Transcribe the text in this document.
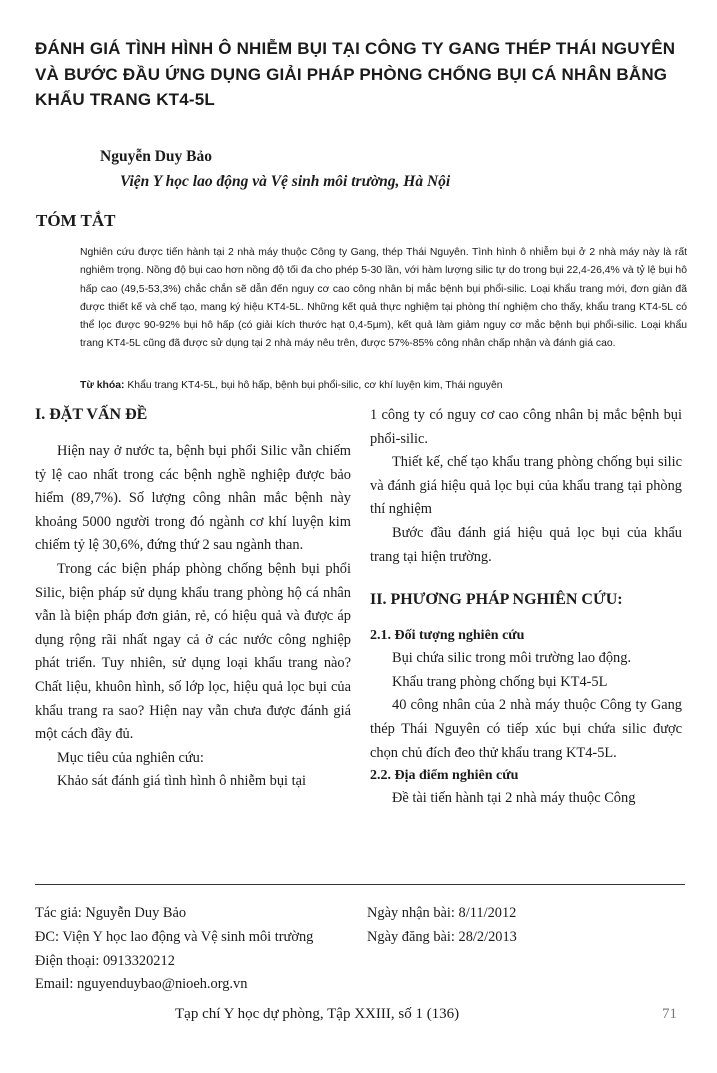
ĐÁNH GIÁ TÌNH HÌNH Ô NHIỄM BỤI TẠI CÔNG TY GANG THÉP THÁI NGUYÊN VÀ BƯỚC ĐẦU ỨNG DỤNG GIẢI PHÁP PHÒNG CHỐNG BỤI CÁ NHÂN BẰNG KHẨU TRANG KT4-5L
Nguyễn Duy Bảo
Viện Y học lao động và Vệ sinh môi trường, Hà Nội
TÓM TẮT

Nghiên cứu được tiến hành tại 2 nhà máy thuộc Công ty Gang, thép Thái Nguyên. Tình hình ô nhiễm bụi ở 2 nhà máy này là rất nghiêm trọng. Nồng độ bụi cao hơn nồng độ tối đa cho phép 5-30 lần, với hàm lượng silic tự do trong bụi 22,4-26,4% và tỷ lệ bụi hô hấp cao (49,5-53,3%) chắc chắn sẽ dẫn đến nguy cơ cao công nhân bị mắc bệnh bụi phổi-silic. Loại khẩu trang mới, đơn giản đã được thiết kế và chế tạo, mang ký hiệu KT4-5L. Những kết quả thực nghiệm tại phòng thí nghiệm cho thấy, khẩu trang KT4-5L có thể lọc được 90-92% bụi hô hấp (có giải kích thước hạt 0,4-5µm), kết quả làm giảm nguy cơ mắc bệnh bụi phổi-silic. Loại khẩu trang KT4-5L cũng đã được sử dụng tại 2 nhà máy nêu trên, được 57%-85% công nhân chấp nhận và đánh giá cao.

Từ khóa: Khẩu trang KT4-5L, bụi hô hấp, bệnh bụi phổi-silic, cơ khí luyện kim, Thái nguyên
I. ĐẶT VẤN ĐỀ

Hiện nay ở nước ta, bệnh bụi phổi Silic vẫn chiếm tỷ lệ cao nhất trong các bệnh nghề nghiệp được bảo hiểm (89,7%). Số lượng công nhân mắc bệnh này khoảng 5000 người trong đó ngành cơ khí luyện kim chiếm tỷ lệ 30,6%, đứng thứ 2 sau ngành than.

Trong các biện pháp phòng chống bệnh bụi phổi Silic, biện pháp sử dụng khẩu trang phòng hộ cá nhân vẫn là biện pháp đơn giản, rẻ, có hiệu quả và được áp dụng rộng rãi nhất ngay cả ở các nước công nghiệp phát triển. Tuy nhiên, sử dụng loại khẩu trang nào? Chất liệu, khuôn hình, số lớp lọc, hiệu quả lọc bụi của khẩu trang ra sao? Hiện nay vẫn chưa được đánh giá một cách đầy đủ.

Mục tiêu của nghiên cứu:

Khảo sát đánh giá tình hình ô nhiễm bụi tại

1 công ty có nguy cơ cao công nhân bị mắc bệnh bụi phổi-silic.

Thiết kế, chế tạo khẩu trang phòng chống bụi silic và đánh giá hiệu quả lọc bụi của khẩu trang tại phòng thí nghiệm

Bước đầu đánh giá hiệu quả lọc bụi của khẩu trang tại hiện trường.

II. PHƯƠNG PHÁP NGHIÊN CỨU:
2.1. Đối tượng nghiên cứu

Bụi chứa silic trong môi trường lao động.

Khẩu trang phòng chống bụi KT4-5L

40 công nhân của 2 nhà máy thuộc Công ty Gang thép Thái Nguyên có tiếp xúc bụi chứa silic được chọn chủ đích đeo thử khẩu trang KT4-5L.

2.2. Địa điểm nghiên cứu

Đề tài tiến hành tại 2 nhà máy thuộc Công

Tác giả: Nguyễn Duy Bảo
ĐC: Viện Y học lao động và Vệ sinh môi trường
Điện thoại: 0913320212
Email: nguyenduybao@nioeh.org.vn
Ngày nhận bài: 8/11/2012
Ngày đăng bài: 28/2/2013
Tạp chí Y học dự phòng, Tập XXIII, số 1 (136)	71
